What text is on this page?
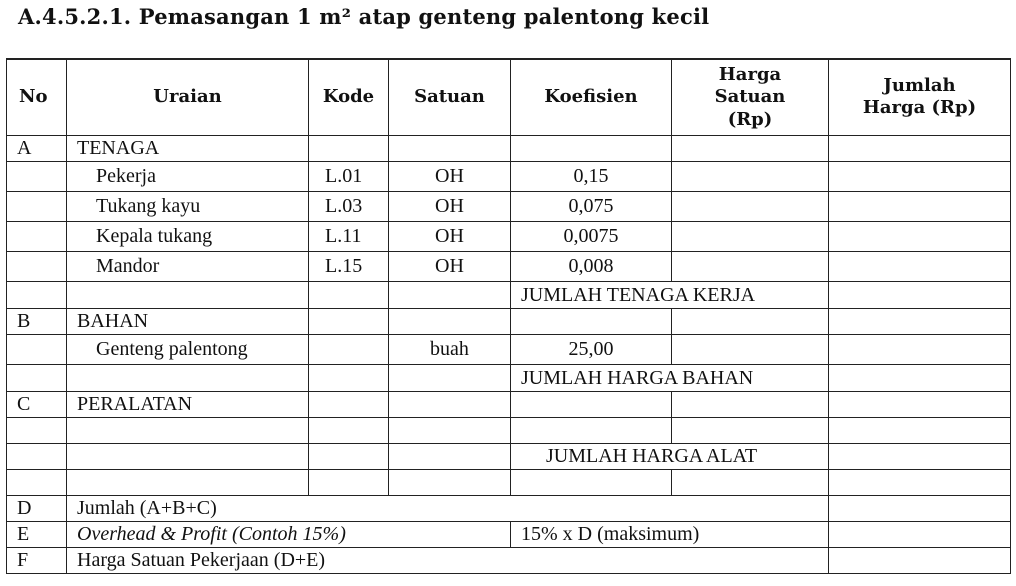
A.4.5.2.1. Pemasangan 1 m² atap genteng palentong kecil
No	Uraian	Kode	Satuan	Koefisien	Harga Satuan (Rp)	Jumlah Harga (Rp)
A	TENAGA					
	Pekerja	L.01	OH	0,15		
	Tukang kayu	L.03	OH	0,075		
	Kepala tukang	L.11	OH	0,0075		
	Mandor	L.15	OH	0,008		
				JUMLAH TENAGA KERJA		
B	BAHAN					
	Genteng palentong		buah	25,00		
				JUMLAH HARGA BAHAN		
C	PERALATAN					

				JUMLAH HARGA ALAT		

D	Jumlah (A+B+C)					
E	Overhead & Profit (Contoh 15%)			15% x D (maksimum)		
F	Harga Satuan Pekerjaan (D+E)					
